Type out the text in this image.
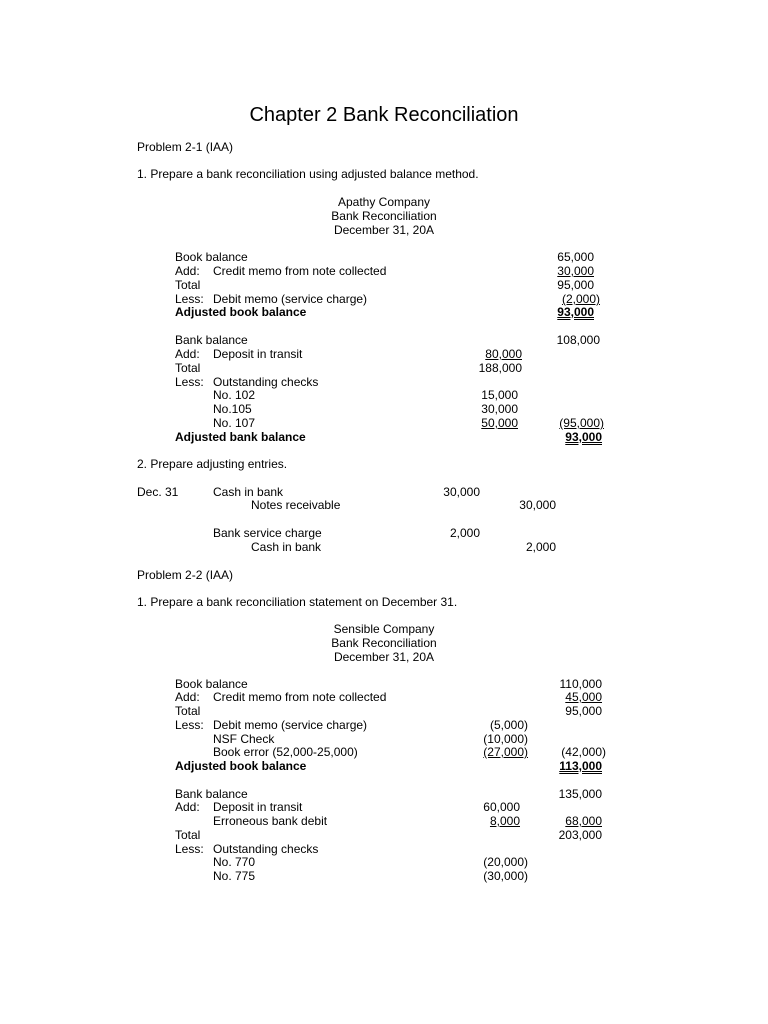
Chapter 2 Bank Reconciliation
Problem 2-1 (IAA)
1. Prepare a bank reconciliation using adjusted balance method.
Apathy Company
Bank Reconciliation
December 31, 20A
Book balance	65,000
Add: Credit memo from note collected	30,000
Total	95,000
Less: Debit memo (service charge)	(2,000)
Adjusted book balance	93,000
Bank balance	108,000
Add: Deposit in transit	80,000
Total	188,000
Less: Outstanding checks
No. 102	15,000
No.105	30,000
No. 107	50,000	(95,000)
Adjusted bank balance	93,000
2. Prepare adjusting entries.
Dec. 31	Cash in bank	30,000
Notes receivable	30,000
Bank service charge	2,000
Cash in bank	2,000
Problem 2-2 (IAA)
1. Prepare a bank reconciliation statement on December 31.
Sensible Company
Bank Reconciliation
December 31, 20A
Book balance	110,000
Add: Credit memo from note collected	45,000
Total	95,000
Less: Debit memo (service charge)	(5,000)
NSF Check	(10,000)
Book error (52,000-25,000)	(27,000)	(42,000)
Adjusted book balance	113,000
Bank balance	135,000
Add: Deposit in transit	60,000
Erroneous bank debit	8,000	68,000
Total	203,000
Less: Outstanding checks
No. 770	(20,000)
No. 775	(30,000)
